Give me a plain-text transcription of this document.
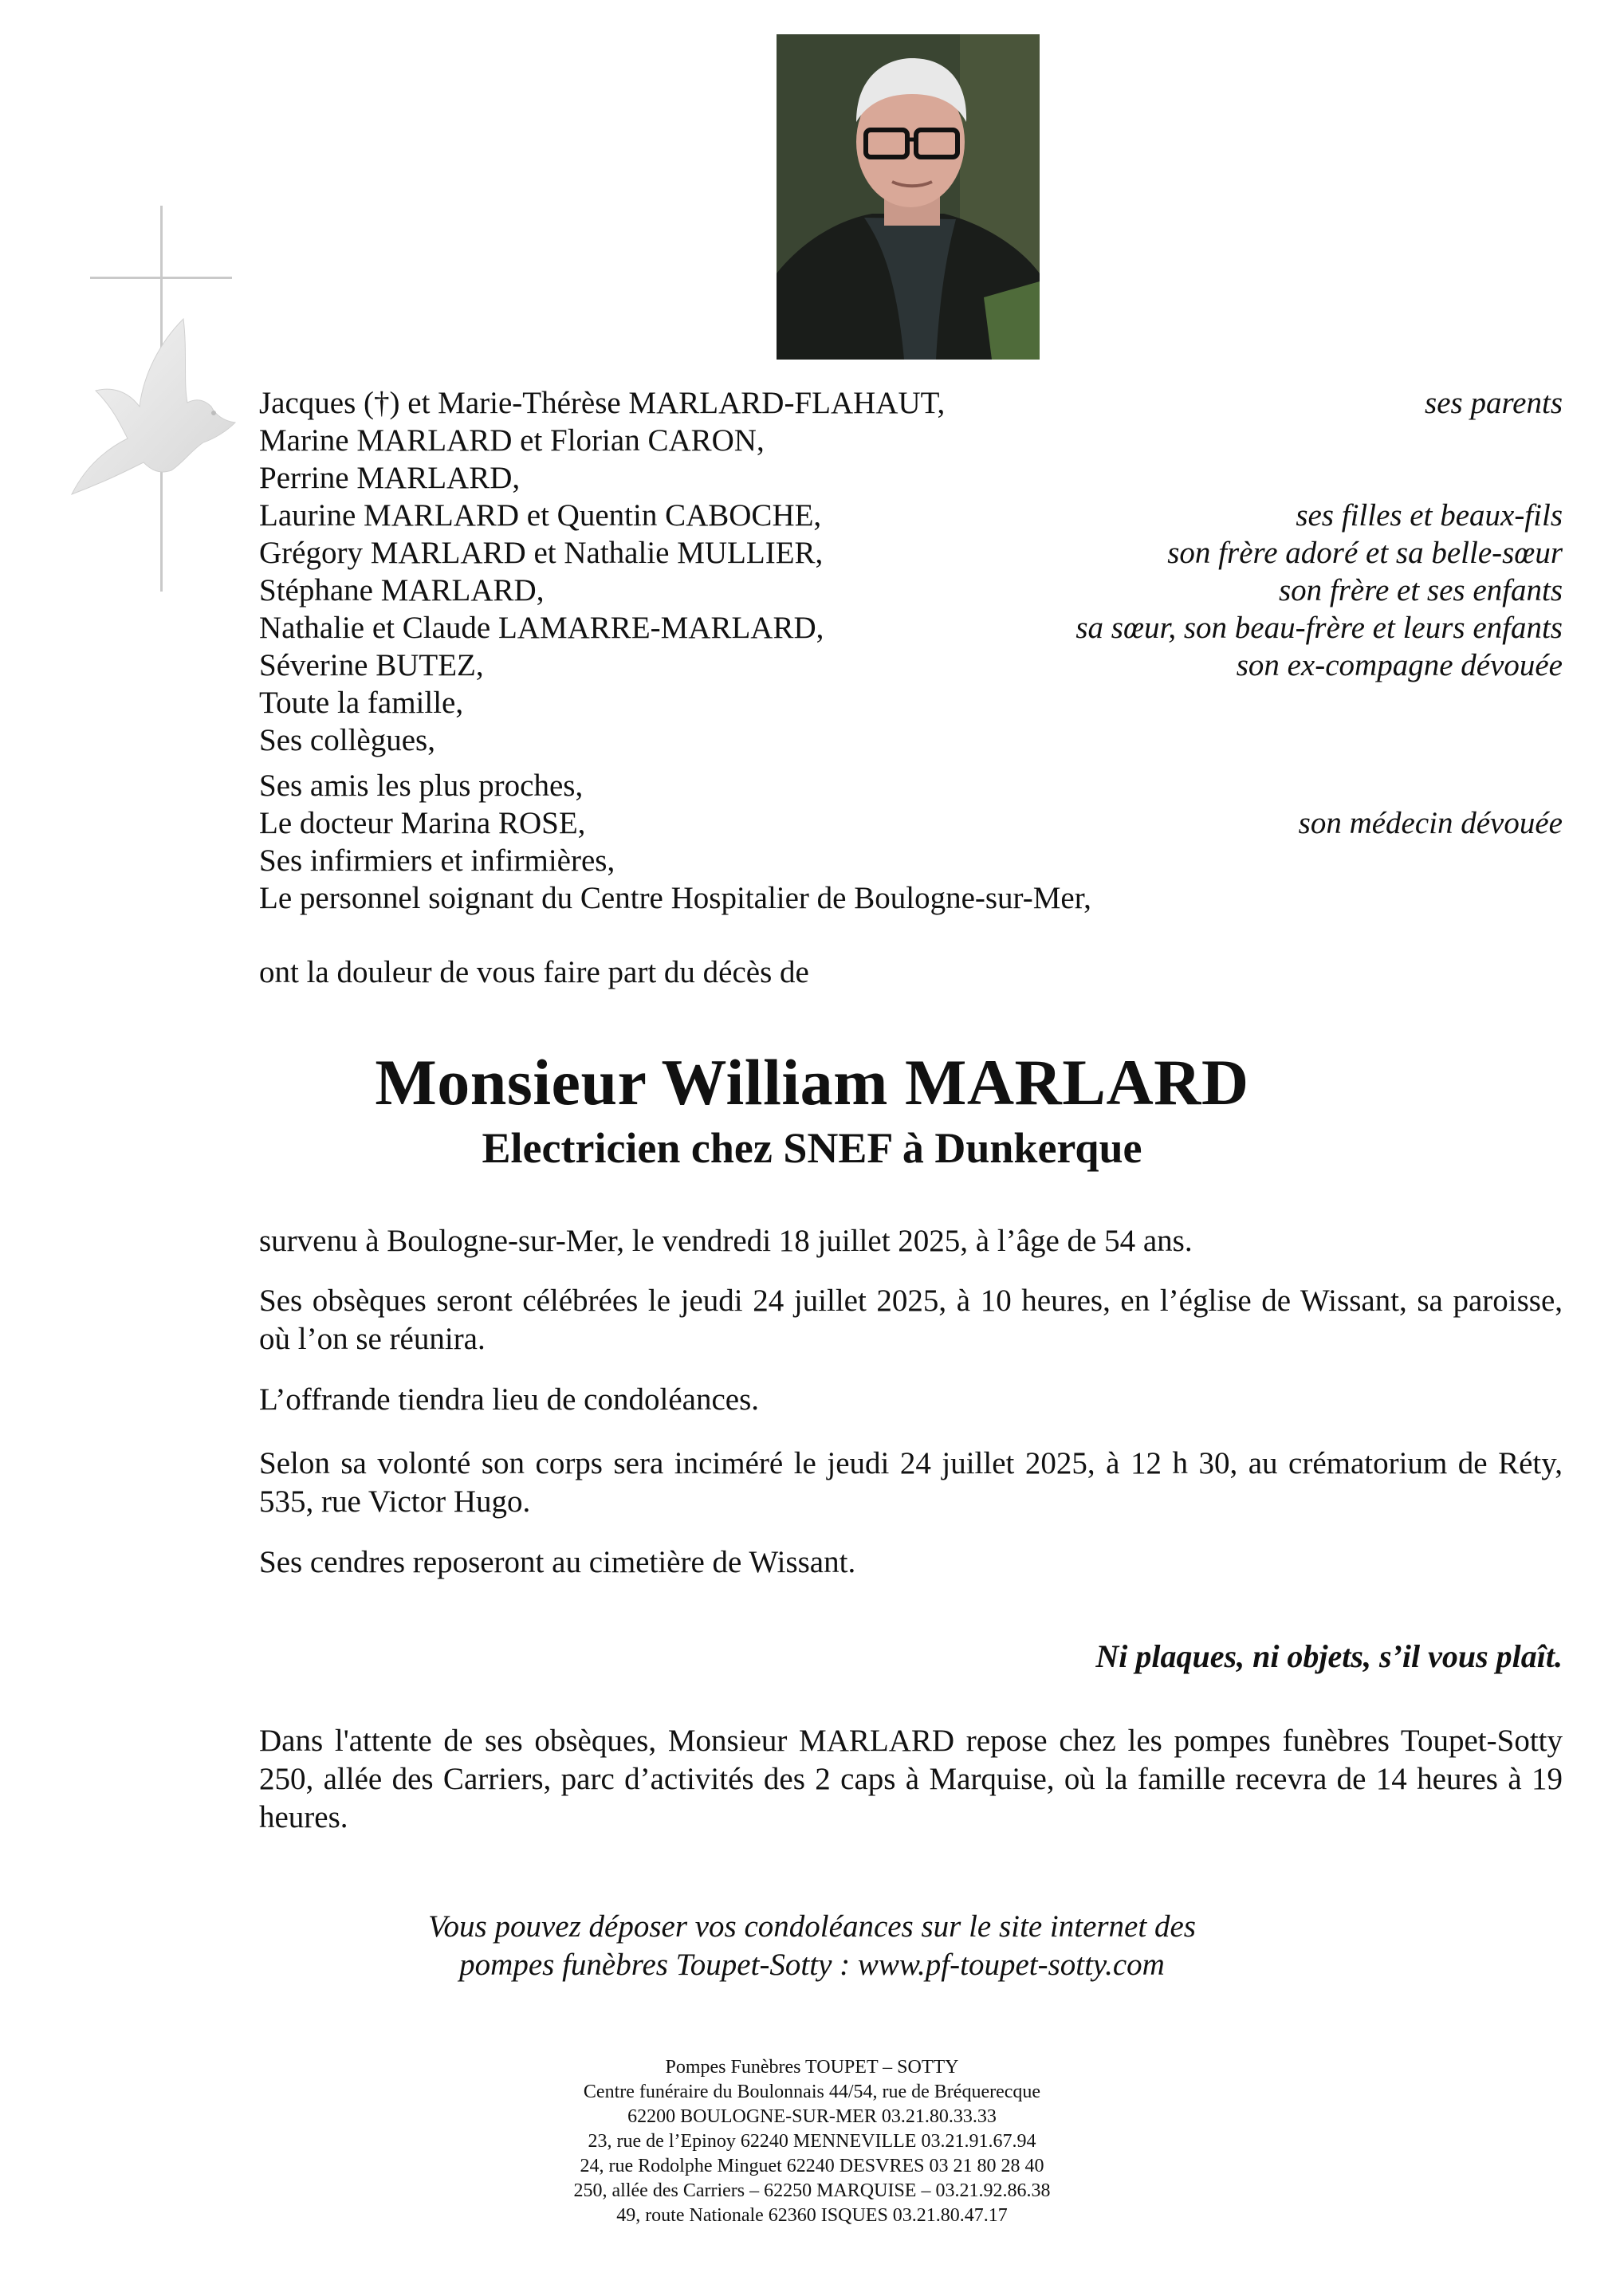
Jacques (†) et Marie-Thérèse MARLARD-FLAHAUT,	ses parents
Marine MARLARD et Florian CARON,
Perrine MARLARD,
Laurine MARLARD et Quentin CABOCHE,	ses filles et beaux-fils
Grégory MARLARD et Nathalie MULLIER,	son frère adoré et sa belle-sœur
Stéphane MARLARD,	son frère et ses enfants
Nathalie et Claude LAMARRE-MARLARD,	sa sœur, son beau-frère et leurs enfants
Séverine BUTEZ,	son ex-compagne dévouée
Toute la famille,
Ses collègues,
Ses amis les plus proches,
Le docteur Marina ROSE,	son médecin dévouée
Ses infirmiers et infirmières,
Le personnel soignant du Centre Hospitalier de Boulogne-sur-Mer,
ont la douleur de vous faire part du décès de
Monsieur William MARLARD
Electricien chez SNEF à Dunkerque
survenu à Boulogne-sur-Mer, le vendredi 18 juillet 2025, à l’âge de 54 ans.
Ses obsèques seront célébrées le jeudi 24 juillet 2025, à 10 heures, en l’église de Wissant, sa paroisse, où l’on se réunira.
L’offrande tiendra lieu de condoléances.
Selon sa volonté son corps sera inciméré le jeudi 24 juillet 2025, à 12 h 30, au crématorium de Réty, 535, rue Victor Hugo.
Ses cendres reposeront au cimetière de Wissant.
Ni plaques, ni objets, s’il vous plaît.
Dans l'attente de ses obsèques, Monsieur MARLARD repose chez les pompes funèbres Toupet-Sotty 250, allée des Carriers, parc d’activités des 2 caps à Marquise, où la famille recevra de 14 heures à 19 heures.
Vous pouvez déposer vos condoléances sur le site internet des
pompes funèbres Toupet-Sotty : www.pf-toupet-sotty.com
Pompes Funèbres TOUPET – SOTTY
Centre funéraire du Boulonnais 44/54, rue de Bréquerecque
62200 BOULOGNE-SUR-MER 03.21.80.33.33
23, rue de l’Epinoy 62240 MENNEVILLE 03.21.91.67.94
24, rue Rodolphe Minguet 62240 DESVRES 03 21 80 28 40
250, allée des Carriers – 62250 MARQUISE – 03.21.92.86.38
49, route Nationale 62360 ISQUES 03.21.80.47.17
